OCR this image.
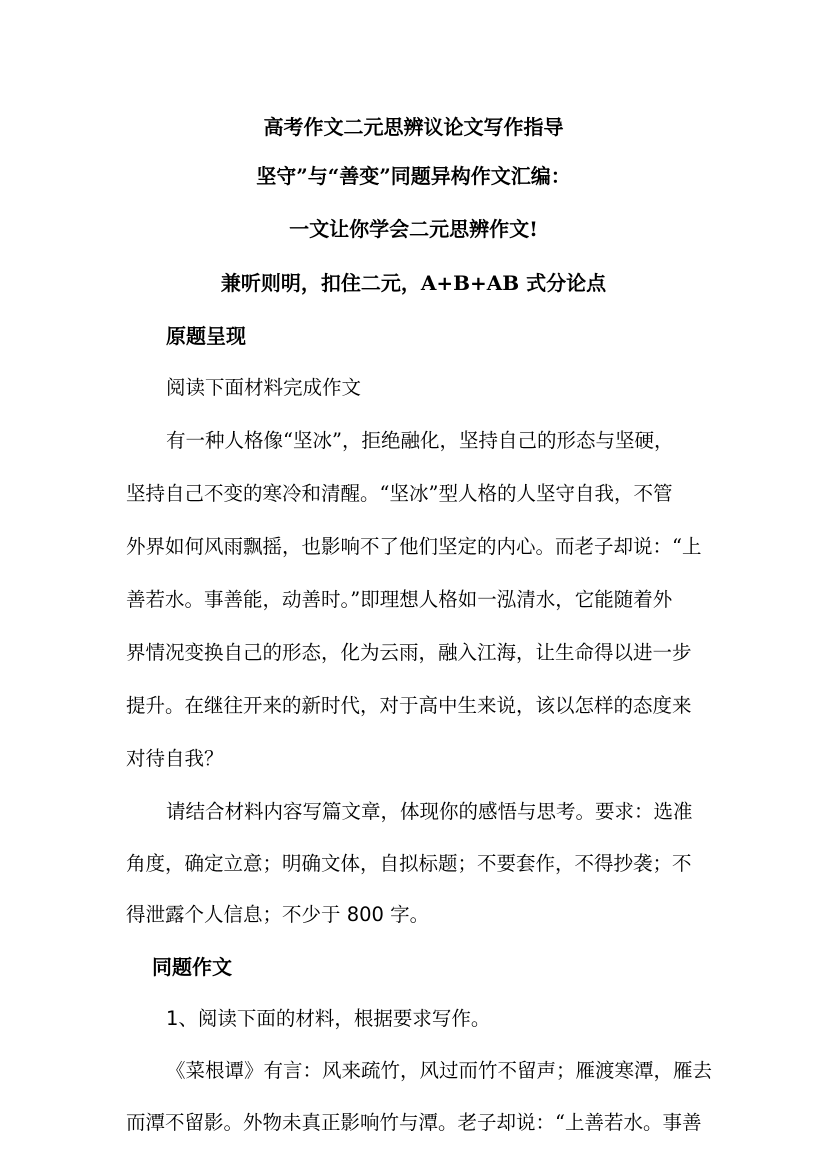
高考作文二元思辨议论文写作指导
坚守”与“善变”同题异构作文汇编：
一文让你学会二元思辨作文!
兼听则明，扣住二元，A+B+AB 式分论点
原题呈现
阅读下面材料完成作文
有一种人格像“坚冰”，拒绝融化，坚持自己的形态与坚硬，
坚持自己不变的寒冷和清醒。“坚冰”型人格的人坚守自我，不管
外界如何风雨飘摇，也影响不了他们坚定的内心。而老子却说：“上
善若水。事善能，动善时。”即理想人格如一泓清水，它能随着外
界情况变换自己的形态，化为云雨，融入江海，让生命得以进一步
提升。在继往开来的新时代，对于高中生来说，该以怎样的态度来
对待自我？
请结合材料内容写篇文章，体现你的感悟与思考。要求：选准
角度，确定立意；明确文体，自拟标题；不要套作，不得抄袭；不
得泄露个人信息；不少于 800 字。
同题作文
1、阅读下面的材料，根据要求写作。
《菜根谭》有言：风来疏竹，风过而竹不留声；雁渡寒潭，雁去
而潭不留影。外物未真正影响竹与潭。老子却说：“上善若水。事善
